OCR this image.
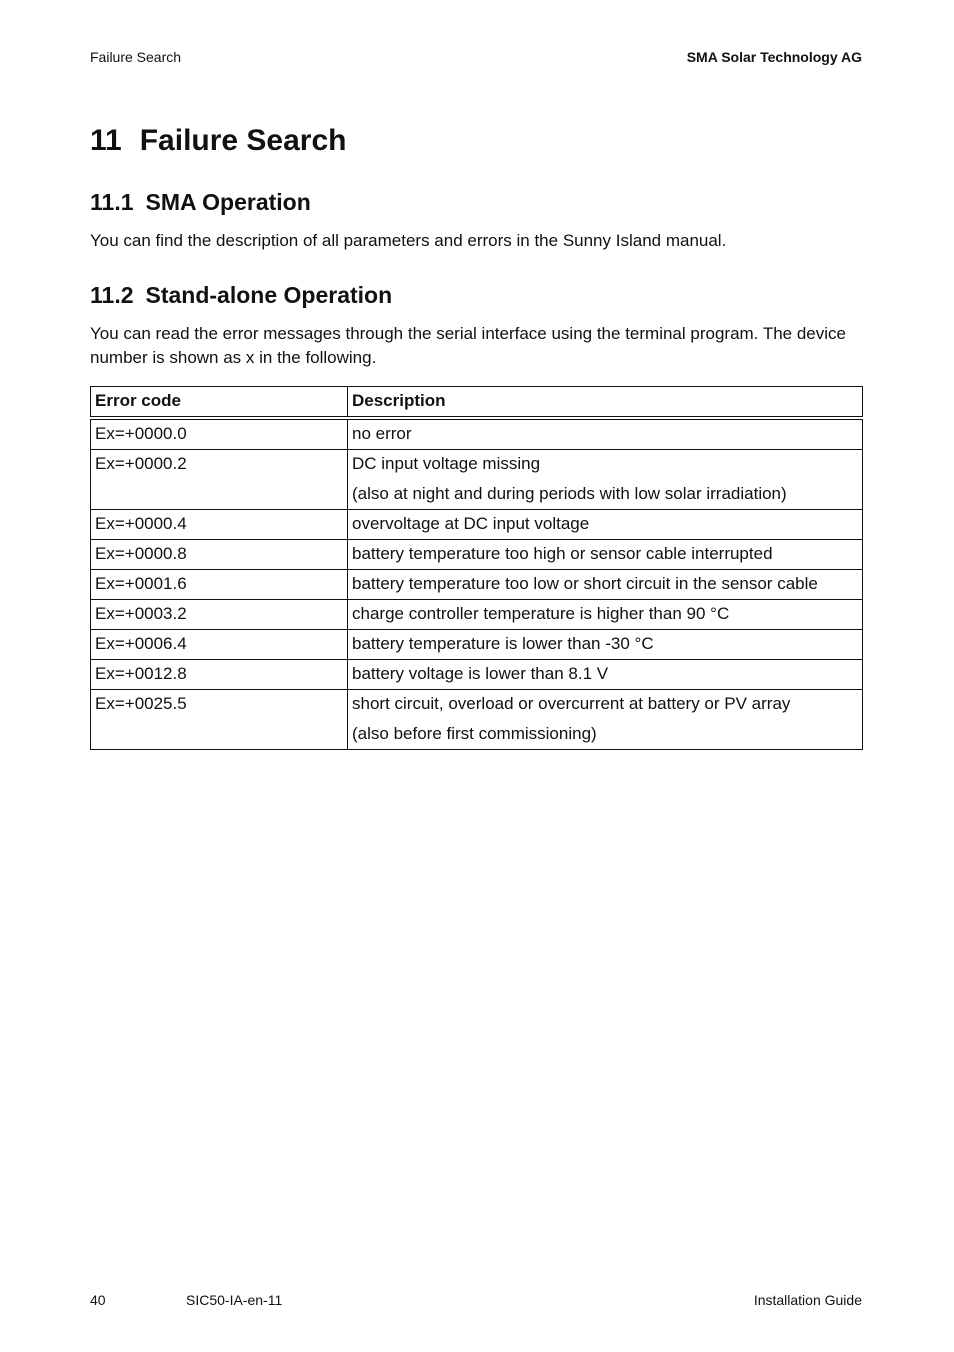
Failure Search	SMA Solar Technology AG
11 Failure Search
11.1 SMA Operation

You can find the description of all parameters and errors in the Sunny Island manual.

11.2 Stand-alone Operation

You can read the error messages through the serial interface using the terminal program. The device number is shown as x in the following.

Error code	Description
Ex=+0000.0	no error

Ex=+0000.2	DC input voltage missing
(also at night and during periods with low solar irradiation)

Ex=+0000.4	overvoltage at DC input voltage

Ex=+0000.8	battery temperature too high or sensor cable interrupted

Ex=+0001.6	battery temperature too low or short circuit in the sensor cable

Ex=+0003.2	charge controller temperature is higher than 90 °C

Ex=+0006.4	battery temperature is lower than -30 °C

Ex=+0012.8	battery voltage is lower than 8.1 V

Ex=+0025.5	short circuit, overload or overcurrent at battery or PV array
(also before first commissioning)
40	SIC50-IA-en-11	Installation Guide
